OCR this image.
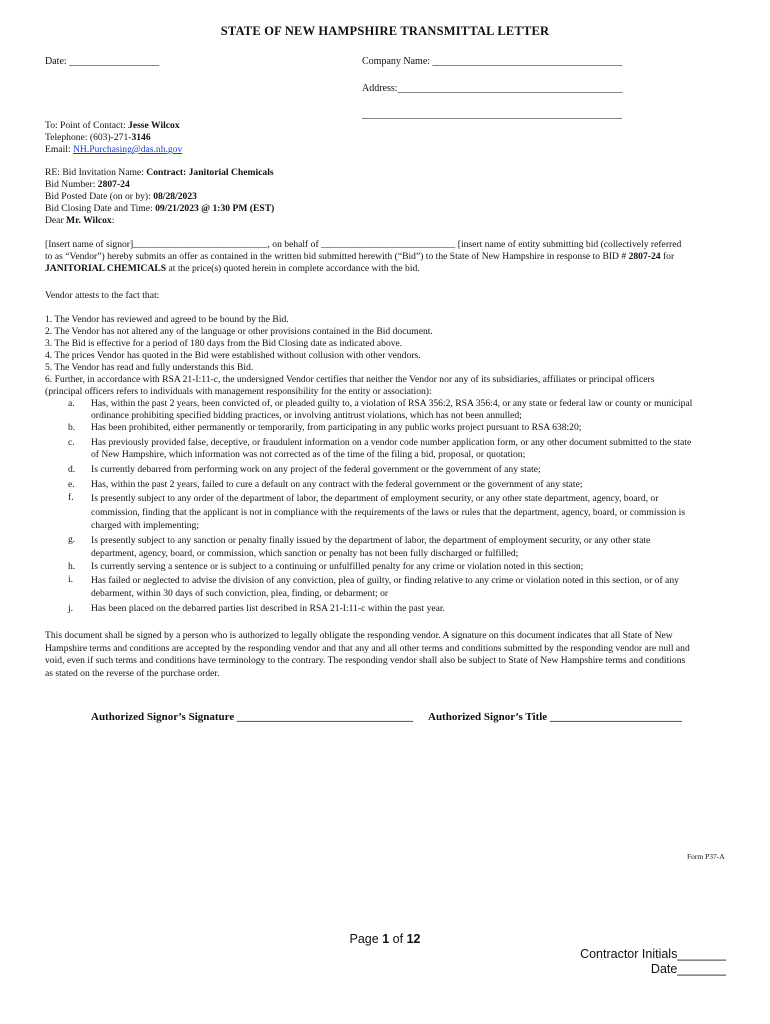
STATE OF NEW HAMPSHIRE TRANSMITTAL LETTER
Date: __________________	Company Name: ______________________________________
Address:_____________________________________________
____________________________________________________
To: Point of Contact: Jesse Wilcox
Telephone: (603)-271-3146
Email: NH.Purchasing@das.nh.gov
RE: Bid Invitation Name: Contract: Janitorial Chemicals
Bid Number: 2807-24
Bid Posted Date (on or by): 08/28/2023
Bid Closing Date and Time: 09/21/2023 @ 1:30 PM (EST)
Dear Mr. Wilcox:
[Insert name of signor]____________________________, on behalf of ____________________________ [insert name of entity submitting bid (collectively referred
to as “Vendor”) hereby submits an offer as contained in the written bid submitted herewith (“Bid”) to the State of New Hampshire in response to BID # 2807-24 for
JANITORIAL CHEMICALS at the price(s) quoted herein in complete accordance with the bid.
Vendor attests to the fact that:
1. The Vendor has reviewed and agreed to be bound by the Bid.
2. The Vendor has not altered any of the language or other provisions contained in the Bid document.
3. The Bid is effective for a period of 180 days from the Bid Closing date as indicated above.
4. The prices Vendor has quoted in the Bid were established without collusion with other vendors.
5. The Vendor has read and fully understands this Bid.
6. Further, in accordance with RSA 21-I:11-c, the undersigned Vendor certifies that neither the Vendor nor any of its subsidiaries, affiliates or principal officers
(principal officers refers to individuals with management responsibility for the entity or association):
a. Has, within the past 2 years, been convicted of, or pleaded guilty to, a violation of RSA 356:2, RSA 356:4, or any state or federal law or county or municipal
ordinance prohibiting specified bidding practices, or involving antitrust violations, which has not been annulled;
b. Has been prohibited, either permanently or temporarily, from participating in any public works project pursuant to RSA 638:20;
c. Has previously provided false, deceptive, or fraudulent information on a vendor code number application form, or any other document submitted to the state
of New Hampshire, which information was not corrected as of the time of the filing a bid, proposal, or quotation;
d. Is currently debarred from performing work on any project of the federal government or the government of any state;
e. Has, within the past 2 years, failed to cure a default on any contract with the federal government or the government of any state;
f. Is presently subject to any order of the department of labor, the department of employment security, or any other state department, agency, board, or
commission, finding that the applicant is not in compliance with the requirements of the laws or rules that the department, agency, board, or commission is
charged with implementing;
g. Is presently subject to any sanction or penalty finally issued by the department of labor, the department of employment security, or any other state
department, agency, board, or commission, which sanction or penalty has not been fully discharged or fulfilled;
h. Is currently serving a sentence or is subject to a continuing or unfulfilled penalty for any crime or violation noted in this section;
i. Has failed or neglected to advise the division of any conviction, plea of guilty, or finding relative to any crime or violation noted in this section, or of any
debarment, within 30 days of such conviction, plea, finding, or debarment; or
j. Has been placed on the debarred parties list described in RSA 21-I:11-c within the past year.
This document shall be signed by a person who is authorized to legally obligate the responding vendor. A signature on this document indicates that all State of New
Hampshire terms and conditions are accepted by the responding vendor and that any and all other terms and conditions submitted by the responding vendor are null and
void, even if such terms and conditions have terminology to the contrary. The responding vendor shall also be subject to State of New Hampshire terms and conditions
as stated on the reverse of the purchase order.
Authorized Signor’s Signature ________________________________ Authorized Signor’s Title ________________________
Form P37-A
Page 1 of 12
Contractor Initials_______
Date_______
